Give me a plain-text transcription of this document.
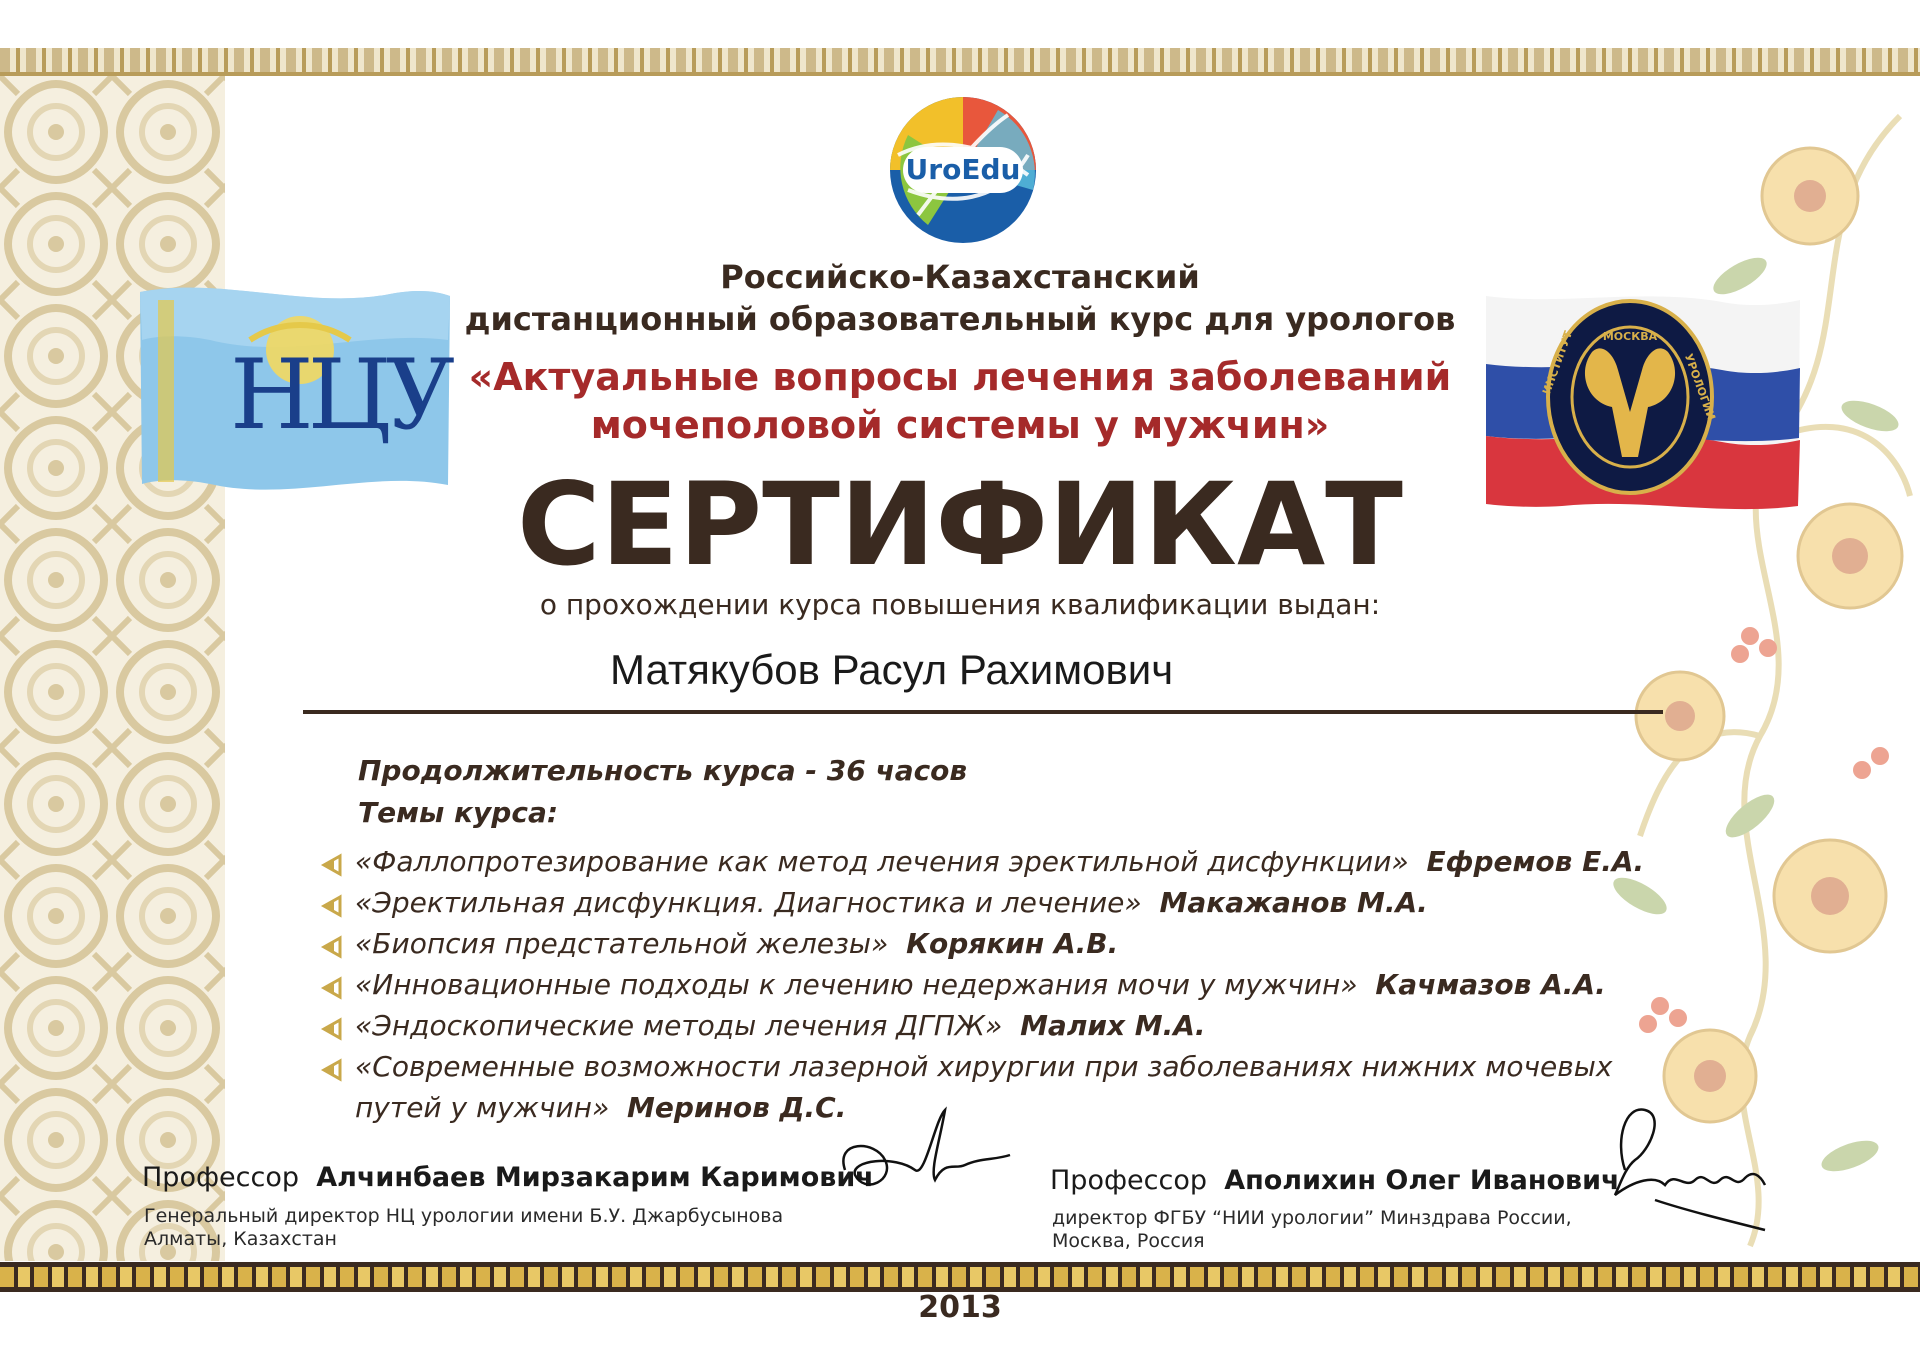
UroEdu
НЦУ
МОСКВА
ИНСТИТУТ	УРОЛОГИИ
Российско-Казахстанский
дистанционный образовательный курс для урологов
«Актуальные вопросы лечения заболеваний
мочеполовой системы у мужчин»
СЕРТИФИКАТ
о прохождении курса повышения квалификации выдан:
Матякубов Расул Рахимович
Продолжительность курса - 36 часов
Темы курса:
«Фаллопротезирование как метод лечения эректильной дисфункции» Ефремов Е.А.
«Эректильная дисфункция. Диагностика и лечение» Макажанов М.А.
«Биопсия предстательной железы» Корякин А.В.
«Инновационные подходы к лечению недержания мочи у мужчин» Качмазов А.А.
«Эндоскопические методы лечения ДГПЖ» Малих М.А.
«Современные возможности лазерной хирургии при заболеваниях нижних мочевых
путей у мужчин» Меринов Д.С.
Профессор Алчинбаев Мирзакарим Каримович
Генеральный директор НЦ урологии имени Б.У. Джарбусынова
Алматы, Казахстан
Профессор Аполихин Олег Иванович
директор ФГБУ “НИИ урологии” Минздрава России,
Москва, Россия
2013
